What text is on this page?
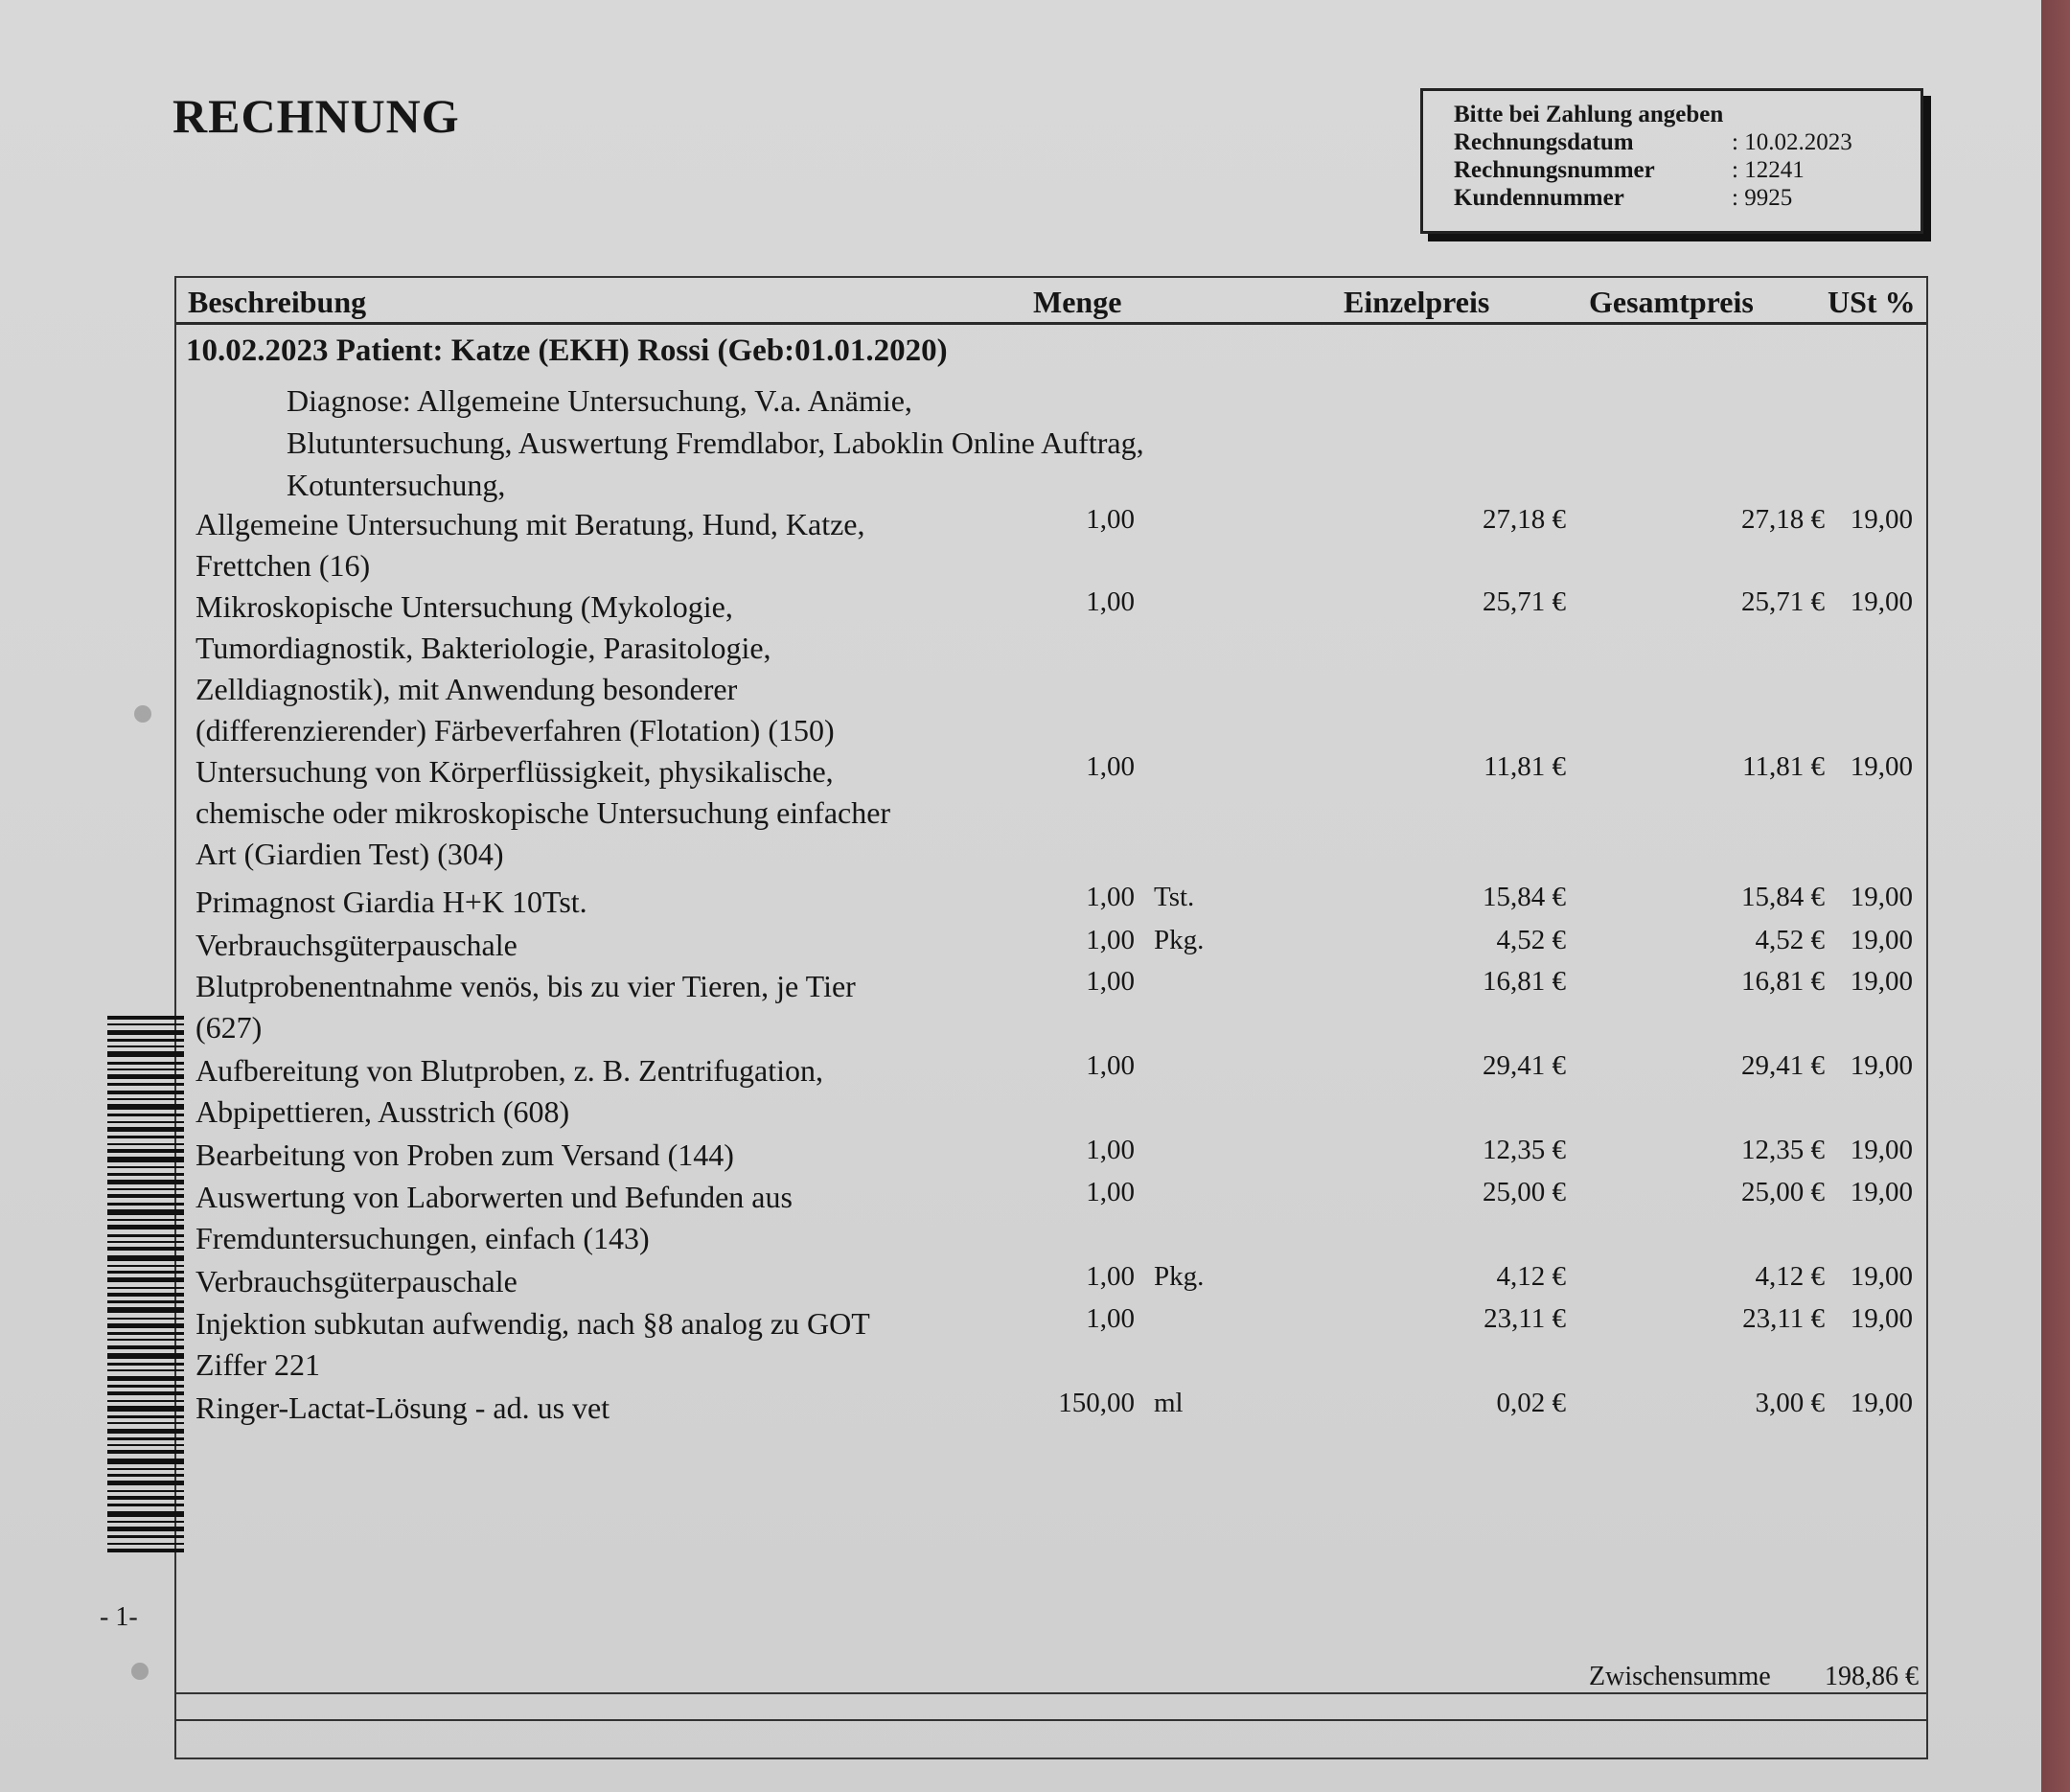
RECHNUNG	Bitte bei Zahlung angeben
Rechnungsdatum	: 10.02.2023
Rechnungsnummer	: 12241
Kundennummer	: 9925
Beschreibung	Menge	Einzelpreis	Gesamtpreis USt %
10.02.2023 Patient: Katze (EKH) Rossi (Geb:01.01.2020)
Diagnose: Allgemeine Untersuchung, V.a. Anämie,
Blutuntersuchung, Auswertung Fremdlabor, Laboklin Online Auftrag,
Kotuntersuchung,
Allgemeine Untersuchung mit Beratung, Hund, Katze,
Frettchen (16)
1,00	27,18 €	27,18 € 19,00
Mikroskopische Untersuchung (Mykologie,
Tumordiagnostik, Bakteriologie, Parasitologie,
Zelldiagnostik), mit Anwendung besonderer
(differenzierender) Färbeverfahren (Flotation) (150)
1,00	25,71 €	25,71 € 19,00
Untersuchung von Körperflüssigkeit, physikalische,
chemische oder mikroskopische Untersuchung einfacher
Art (Giardien Test) (304)
1,00	11,81 €	11,81 € 19,00
Primagnost Giardia H+K 10Tst.	1,00 Tst.	15,84 €	15,84 € 19,00
Verbrauchsgüterpauschale	1,00 Pkg.	4,52 €	4,52 € 19,00
Blutprobenentnahme venös, bis zu vier Tieren, je Tier
(627)
1,00	16,81 €	16,81 € 19,00
Aufbereitung von Blutproben, z. B. Zentrifugation,
Abpipettieren, Ausstrich (608)
1,00	29,41 €	29,41 € 19,00
Bearbeitung von Proben zum Versand (144)	1,00	12,35 €	12,35 € 19,00
Auswertung von Laborwerten und Befunden aus
Fremduntersuchungen, einfach (143)
1,00	25,00 €	25,00 € 19,00
Verbrauchsgüterpauschale	1,00 Pkg.	4,12 €	4,12 € 19,00
Injektion subkutan aufwendig, nach §8 analog zu GOT
Ziffer 221
1,00	23,11 €	23,11 € 19,00
Ringer-Lactat-Lösung - ad. us vet	150,00 ml	0,02 €	3,00 € 19,00
Zwischensumme 198,86 €
- 1-
